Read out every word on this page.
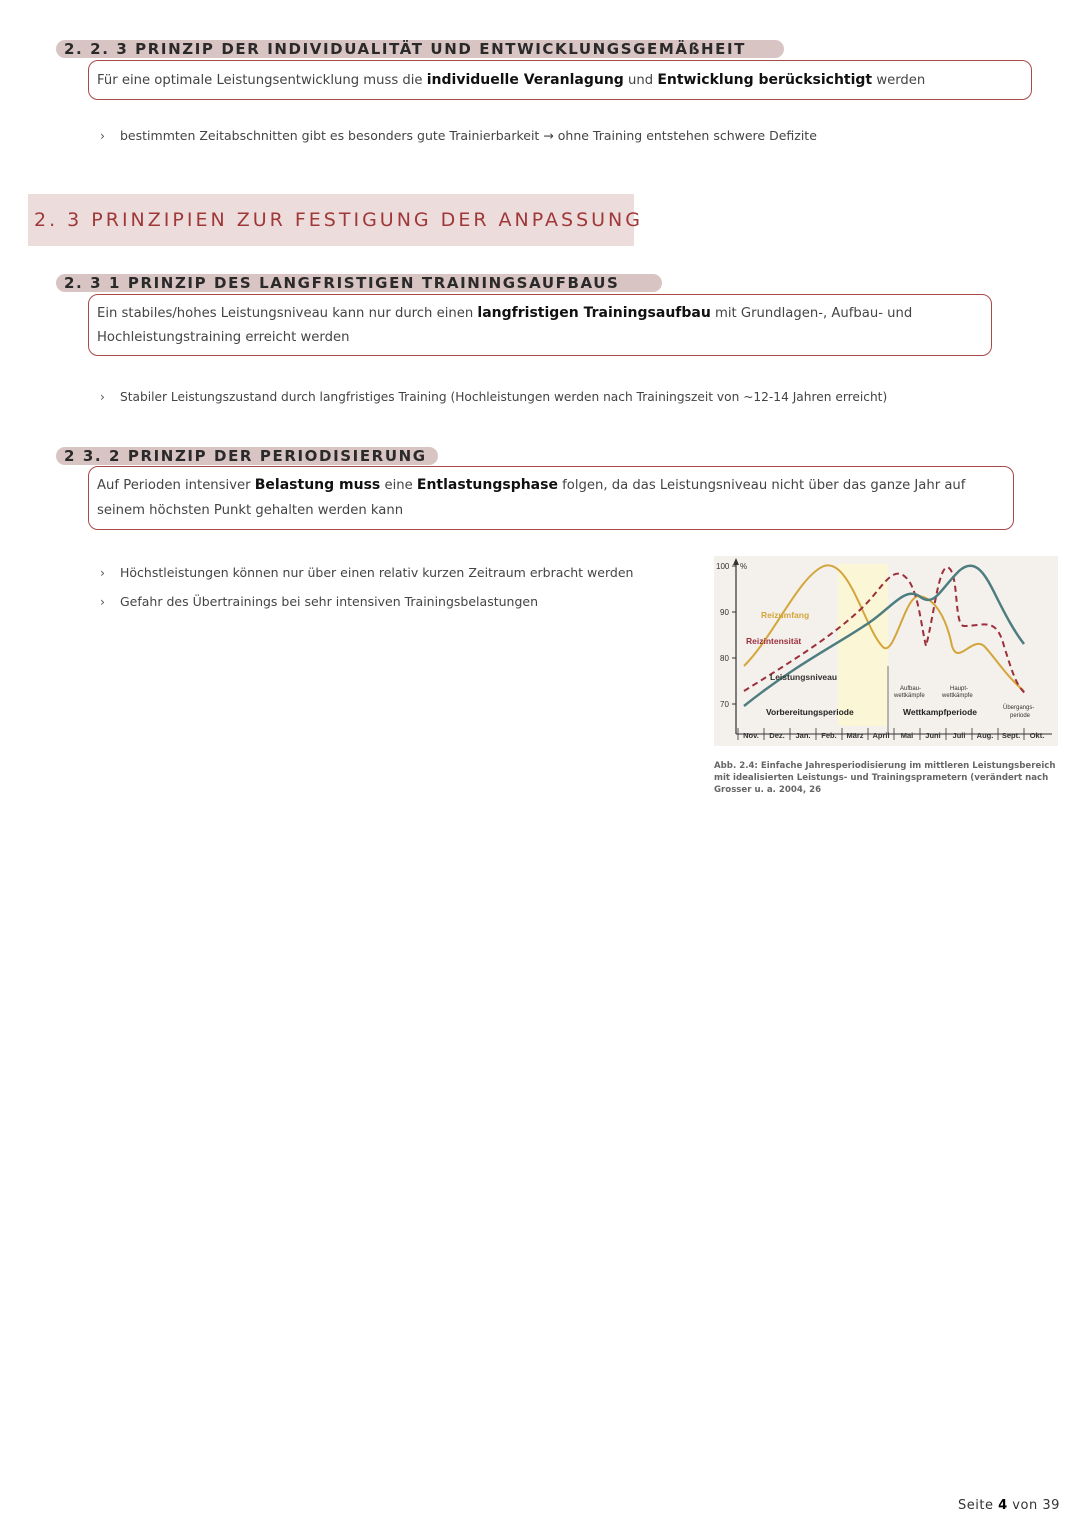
2. 2. 3 PRINZIP DER INDIVIDUALITÄT UND ENTWICKLUNGSGEMÄßHEIT
Für eine optimale Leistungsentwicklung muss die individuelle Veranlagung und Entwicklung berücksichtigt werden
› bestimmten Zeitabschnitten gibt es besonders gute Trainierbarkeit → ohne Training entstehen schwere Defizite
2. 3 PRINZIPIEN ZUR FESTIGUNG DER ANPASSUNG
2. 3 1 PRINZIP DES LANGFRISTIGEN TRAININGSAUFBAUS
Ein stabiles/hohes Leistungsniveau kann nur durch einen langfristigen Trainingsaufbau mit Grundlagen-, Aufbau- und Hochleistungstraining erreicht werden
› Stabiler Leistungszustand durch langfristiges Training (Hochleistungen werden nach Trainingszeit von ~12-14 Jahren erreicht)
2 3. 2 PRINZIP DER PERIODISIERUNG
Auf Perioden intensiver Belastung muss eine Entlastungsphase folgen, da das Leistungsniveau nicht über das ganze Jahr auf seinem höchsten Punkt gehalten werden kann
› Höchstleistungen können nur über einen relativ kurzen Zeitraum erbracht werden
› Gefahr des Übertrainings bei sehr intensiven Trainingsbelastungen
100 %
90
80
70
Reizumfang
Reizintensität
Leistungsniveau
Vorbereitungsperiode	Wettkampfperiode
Aufbau-
wettkämpfe
Haupt-
wettkämpfe
Übergangs-
periode
Nov. Dez. Jan. Feb. März April Mai Juni Juli Aug. Sept. Okt.
Abb. 2.4: Einfache Jahresperiodisierung im mittleren Leistungsbereich mit idealisierten Leistungs- und Trainingsprametern (verändert nach Grosser u. a. 2004, 26
Seite 4 von 39
